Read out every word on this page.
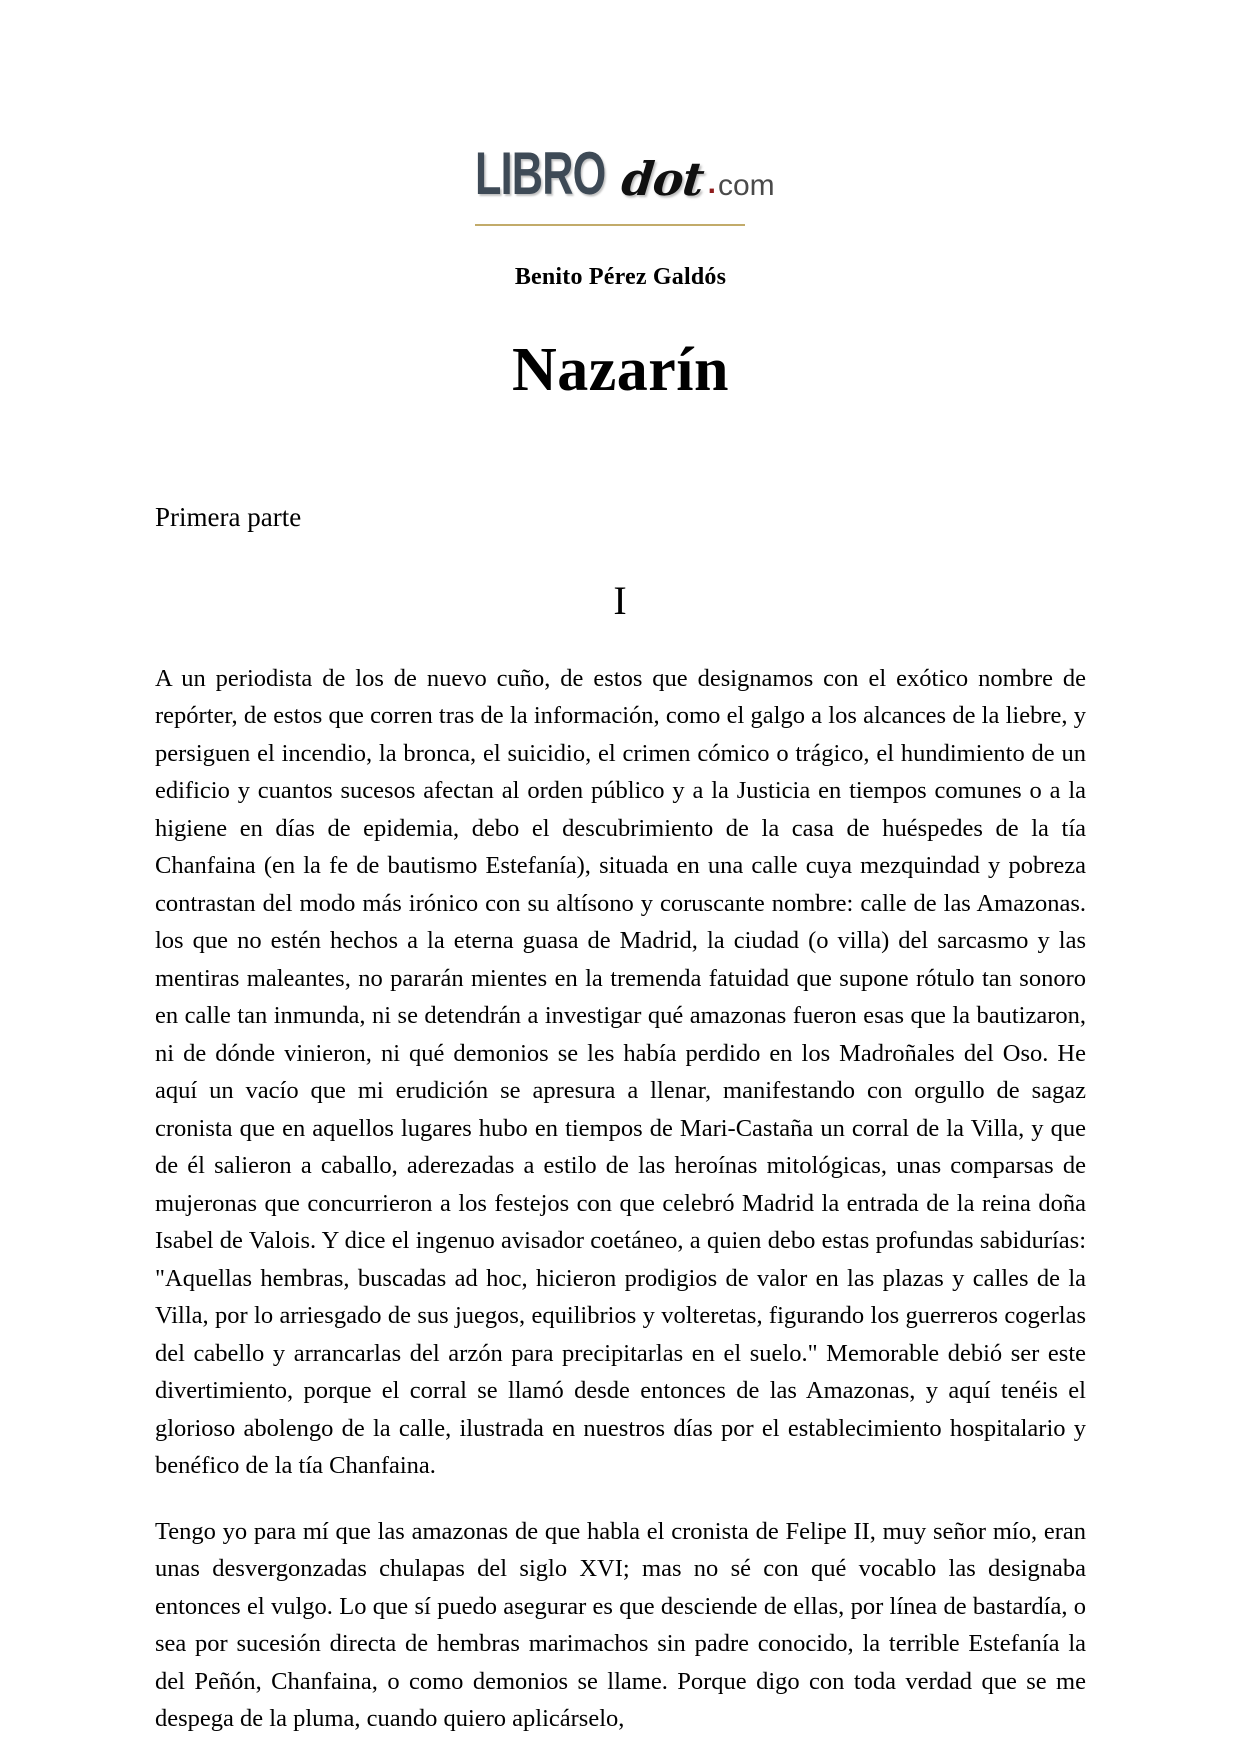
LIBRO dot . com
Benito Pérez Galdós
Nazarín
Primera parte
I

A un periodista de los de nuevo cuño, de estos que designamos con el exótico nombre de repórter, de estos que corren tras de la información, como el galgo a los alcances de la liebre, y persiguen el incendio, la bronca, el suicidio, el crimen cómico o trágico, el hundimiento de un edificio y cuantos sucesos afectan al orden público y a la Justicia en tiempos comunes o a la higiene en días de epidemia, debo el descubrimiento de la casa de huéspedes de la tía Chanfaina (en la fe de bautismo Estefanía), situada en una calle cuya mezquindad y pobreza contrastan del modo más irónico con su altísono y coruscante nombre: calle de las Amazonas. los que no estén hechos a la eterna guasa de Madrid, la ciudad (o villa) del sarcasmo y las mentiras maleantes, no pararán mientes en la tremenda fatuidad que supone rótulo tan sonoro en calle tan inmunda, ni se detendrán a investigar qué amazonas fueron esas que la bautizaron, ni de dónde vinieron, ni qué demonios se les había perdido en los Madroñales del Oso. He aquí un vacío que mi erudición se apresura a llenar, manifestando con orgullo de sagaz cronista que en aquellos lugares hubo en tiempos de Mari-Castaña un corral de la Villa, y que de él salieron a caballo, aderezadas a estilo de las heroínas mitológicas, unas comparsas de mujeronas que concurrieron a los festejos con que celebró Madrid la entrada de la reina doña Isabel de Valois. Y dice el ingenuo avisador coetáneo, a quien debo estas profundas sabidurías: "Aquellas hembras, buscadas ad hoc, hicieron prodigios de valor en las plazas y calles de la Villa, por lo arriesgado de sus juegos, equilibrios y volteretas, figurando los guerreros cogerlas del cabello y arrancarlas del arzón para precipitarlas en el suelo." Memorable debió ser este divertimiento, porque el corral se llamó desde entonces de las Amazonas, y aquí tenéis el glorioso abolengo de la calle, ilustrada en nuestros días por el establecimiento hospitalario y benéfico de la tía Chanfaina.

Tengo yo para mí que las amazonas de que habla el cronista de Felipe II, muy señor mío, eran unas desvergonzadas chulapas del siglo XVI; mas no sé con qué vocablo las designaba entonces el vulgo. Lo que sí puedo asegurar es que desciende de ellas, por línea de bastardía, o sea por sucesión directa de hembras marimachos sin padre conocido, la terrible Estefanía la del Peñón, Chanfaina, o como demonios se llame. Porque digo con toda verdad que se me despega de la pluma, cuando quiero aplicárselo,
